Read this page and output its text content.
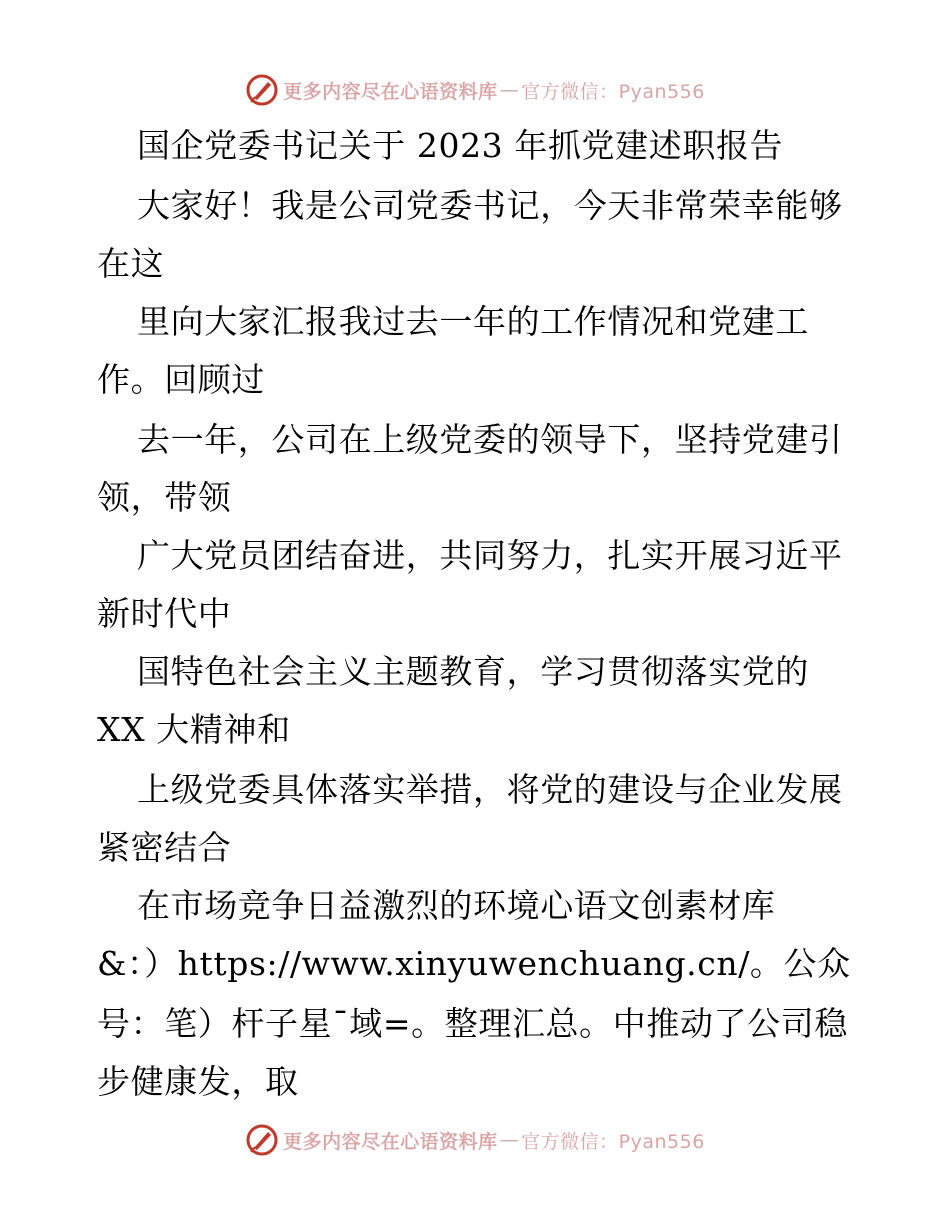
更多内容尽在心语资料库 — 官方微信：Pyan556
国企党委书记关于 2023 年抓党建述职报告
大家好！我是公司党委书记，今天非常荣幸能够
在这
里向大家汇报我过去一年的工作情况和党建工
作。回顾过
去一年，公司在上级党委的领导下，坚持党建引
领，带领
广大党员团结奋进，共同努力，扎实开展习近平
新时代中
国特色社会主义主题教育，学习贯彻落实党的
XX 大精神和
上级党委具体落实举措，将党的建设与企业发展
紧密结合
在市场竞争日益激烈的环境心语文创素材库
&：）https://www.xinyuwenchuang.cn/。公众
号：笔）杆子星¯域=。整理汇总。中推动了公司稳
步健康发，取
更多内容尽在心语资料库 — 官方微信：Pyan556
